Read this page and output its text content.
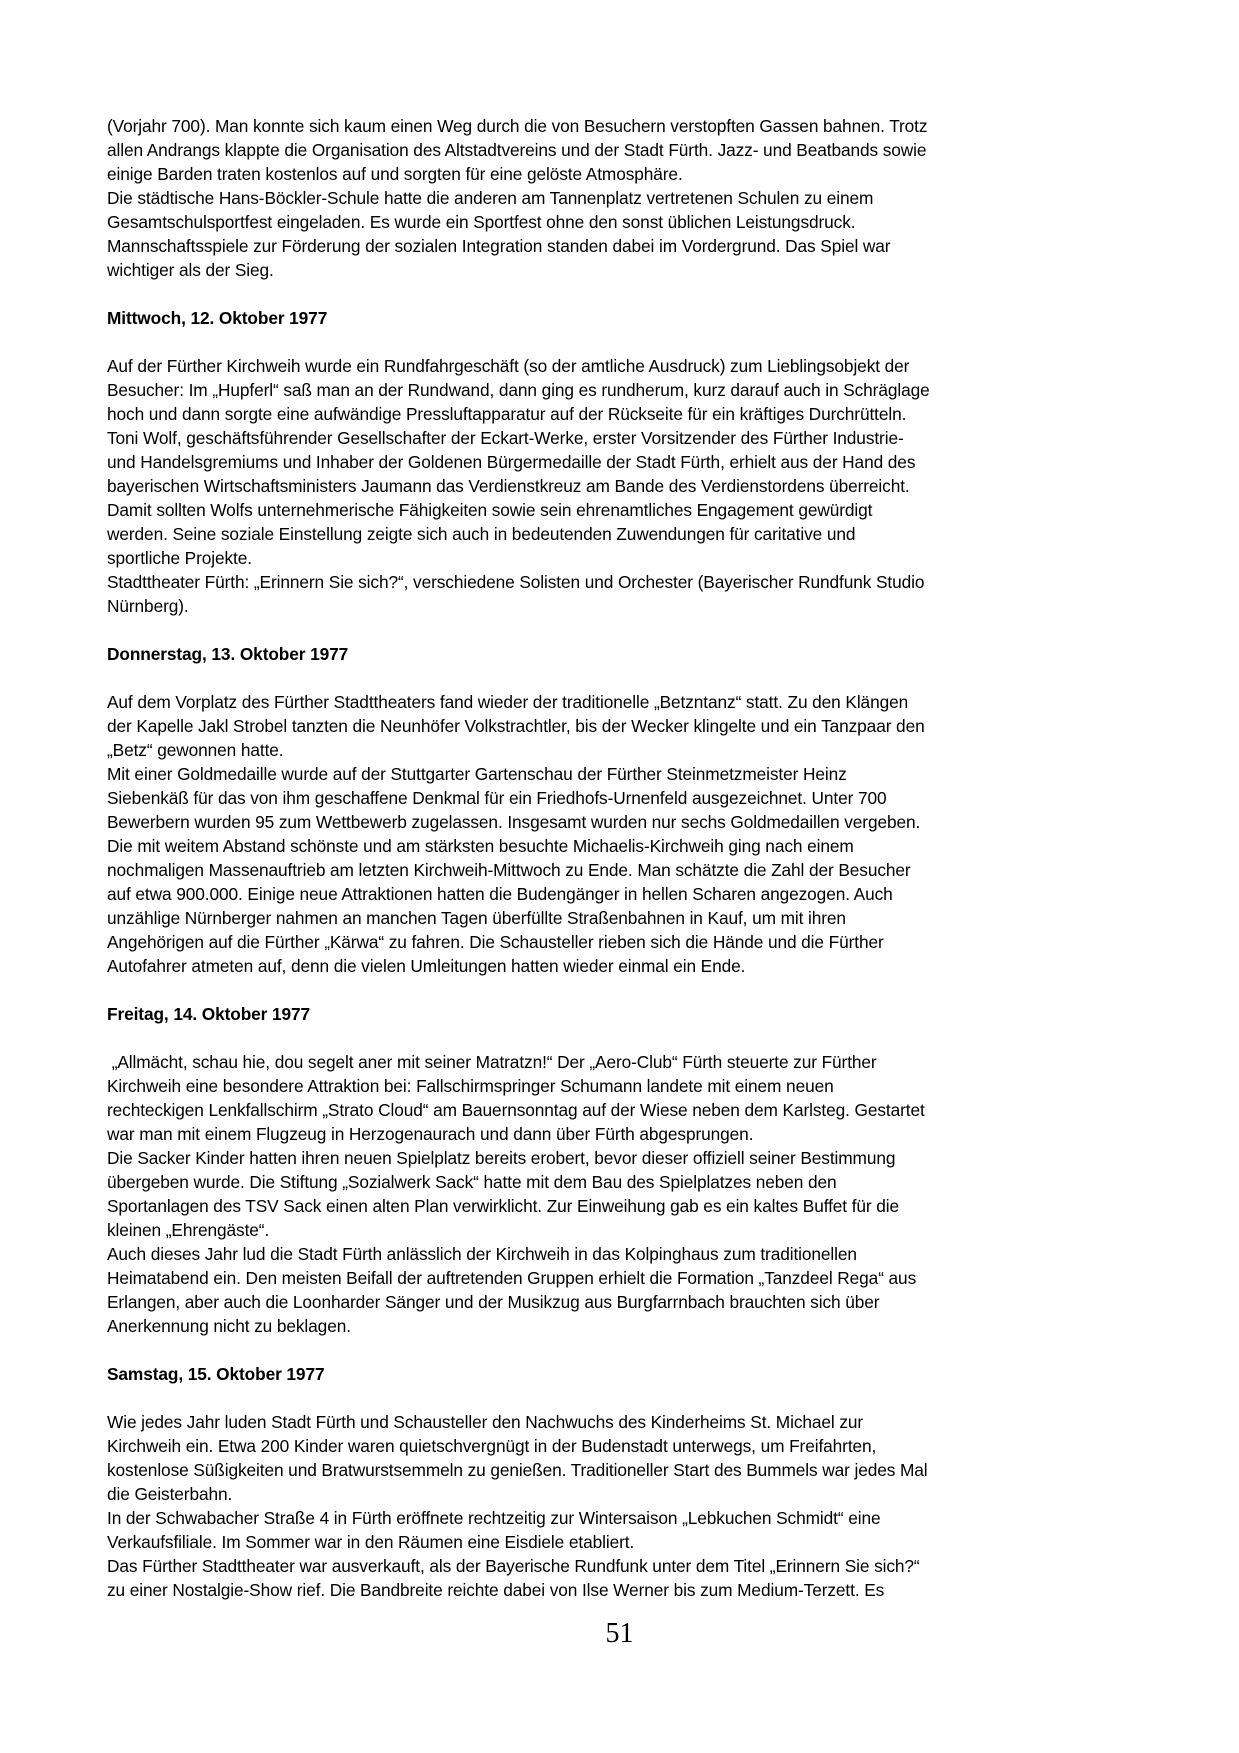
(Vorjahr 700). Man konnte sich kaum einen Weg durch die von Besuchern verstopften Gassen bahnen. Trotz
allen Andrangs klappte die Organisation des Altstadtvereins und der Stadt Fürth. Jazz- und Beatbands sowie
einige Barden traten kostenlos auf und sorgten für eine gelöste Atmosphäre.
Die städtische Hans-Böckler-Schule hatte die anderen am Tannenplatz vertretenen Schulen zu einem
Gesamtschulsportfest eingeladen. Es wurde ein Sportfest ohne den sonst üblichen Leistungsdruck.
Mannschaftsspiele zur Förderung der sozialen Integration standen dabei im Vordergrund. Das Spiel war
wichtiger als der Sieg.
Mittwoch, 12. Oktober 1977
Auf der Fürther Kirchweih wurde ein Rundfahrgeschäft (so der amtliche Ausdruck) zum Lieblingsobjekt der
Besucher: Im „Hupferl“ saß man an der Rundwand, dann ging es rundherum, kurz darauf auch in Schräglage
hoch und dann sorgte eine aufwändige Pressluftapparatur auf der Rückseite für ein kräftiges Durchrütteln.
Toni Wolf, geschäftsführender Gesellschafter der Eckart-Werke, erster Vorsitzender des Fürther Industrie-
und Handelsgremiums und Inhaber der Goldenen Bürgermedaille der Stadt Fürth, erhielt aus der Hand des
bayerischen Wirtschaftsministers Jaumann das Verdienstkreuz am Bande des Verdienstordens überreicht.
Damit sollten Wolfs unternehmerische Fähigkeiten sowie sein ehrenamtliches Engagement gewürdigt
werden. Seine soziale Einstellung zeigte sich auch in bedeutenden Zuwendungen für caritative und
sportliche Projekte.
Stadttheater Fürth: „Erinnern Sie sich?“, verschiedene Solisten und Orchester (Bayerischer Rundfunk Studio
Nürnberg).
Donnerstag, 13. Oktober 1977
Auf dem Vorplatz des Fürther Stadttheaters fand wieder der traditionelle „Betzntanz“ statt. Zu den Klängen
der Kapelle Jakl Strobel tanzten die Neunhöfer Volkstrachtler, bis der Wecker klingelte und ein Tanzpaar den
„Betz“ gewonnen hatte.
Mit einer Goldmedaille wurde auf der Stuttgarter Gartenschau der Fürther Steinmetzmeister Heinz
Siebenkäß für das von ihm geschaffene Denkmal für ein Friedhofs-Urnenfeld ausgezeichnet. Unter 700
Bewerbern wurden 95 zum Wettbewerb zugelassen. Insgesamt wurden nur sechs Goldmedaillen vergeben.
Die mit weitem Abstand schönste und am stärksten besuchte Michaelis-Kirchweih ging nach einem
nochmaligen Massenauftrieb am letzten Kirchweih-Mittwoch zu Ende. Man schätzte die Zahl der Besucher
auf etwa 900.000. Einige neue Attraktionen hatten die Budengänger in hellen Scharen angezogen. Auch
unzählige Nürnberger nahmen an manchen Tagen überfüllte Straßenbahnen in Kauf, um mit ihren
Angehörigen auf die Fürther „Kärwa“ zu fahren. Die Schausteller rieben sich die Hände und die Fürther
Autofahrer atmeten auf, denn die vielen Umleitungen hatten wieder einmal ein Ende.
Freitag, 14. Oktober 1977
„Allmächt, schau hie, dou segelt aner mit seiner Matratzn!“ Der „Aero-Club“ Fürth steuerte zur Fürther
Kirchweih eine besondere Attraktion bei: Fallschirmspringer Schumann landete mit einem neuen
rechteckigen Lenkfallschirm „Strato Cloud“ am Bauernsonntag auf der Wiese neben dem Karlsteg. Gestartet
war man mit einem Flugzeug in Herzogenaurach und dann über Fürth abgesprungen.
Die Sacker Kinder hatten ihren neuen Spielplatz bereits erobert, bevor dieser offiziell seiner Bestimmung
übergeben wurde. Die Stiftung „Sozialwerk Sack“ hatte mit dem Bau des Spielplatzes neben den
Sportanlagen des TSV Sack einen alten Plan verwirklicht. Zur Einweihung gab es ein kaltes Buffet für die
kleinen „Ehrengäste“.
Auch dieses Jahr lud die Stadt Fürth anlässlich der Kirchweih in das Kolpinghaus zum traditionellen
Heimatabend ein. Den meisten Beifall der auftretenden Gruppen erhielt die Formation „Tanzdeel Rega“ aus
Erlangen, aber auch die Loonharder Sänger und der Musikzug aus Burgfarrnbach brauchten sich über
Anerkennung nicht zu beklagen.
Samstag, 15. Oktober 1977
Wie jedes Jahr luden Stadt Fürth und Schausteller den Nachwuchs des Kinderheims St. Michael zur
Kirchweih ein. Etwa 200 Kinder waren quietschvergnügt in der Budenstadt unterwegs, um Freifahrten,
kostenlose Süßigkeiten und Bratwurstsemmeln zu genießen. Traditioneller Start des Bummels war jedes Mal
die Geisterbahn.
In der Schwabacher Straße 4 in Fürth eröffnete rechtzeitig zur Wintersaison „Lebkuchen Schmidt“ eine
Verkaufsfiliale. Im Sommer war in den Räumen eine Eisdiele etabliert.
Das Fürther Stadttheater war ausverkauft, als der Bayerische Rundfunk unter dem Titel „Erinnern Sie sich?“
zu einer Nostalgie-Show rief. Die Bandbreite reichte dabei von Ilse Werner bis zum Medium-Terzett. Es
51
